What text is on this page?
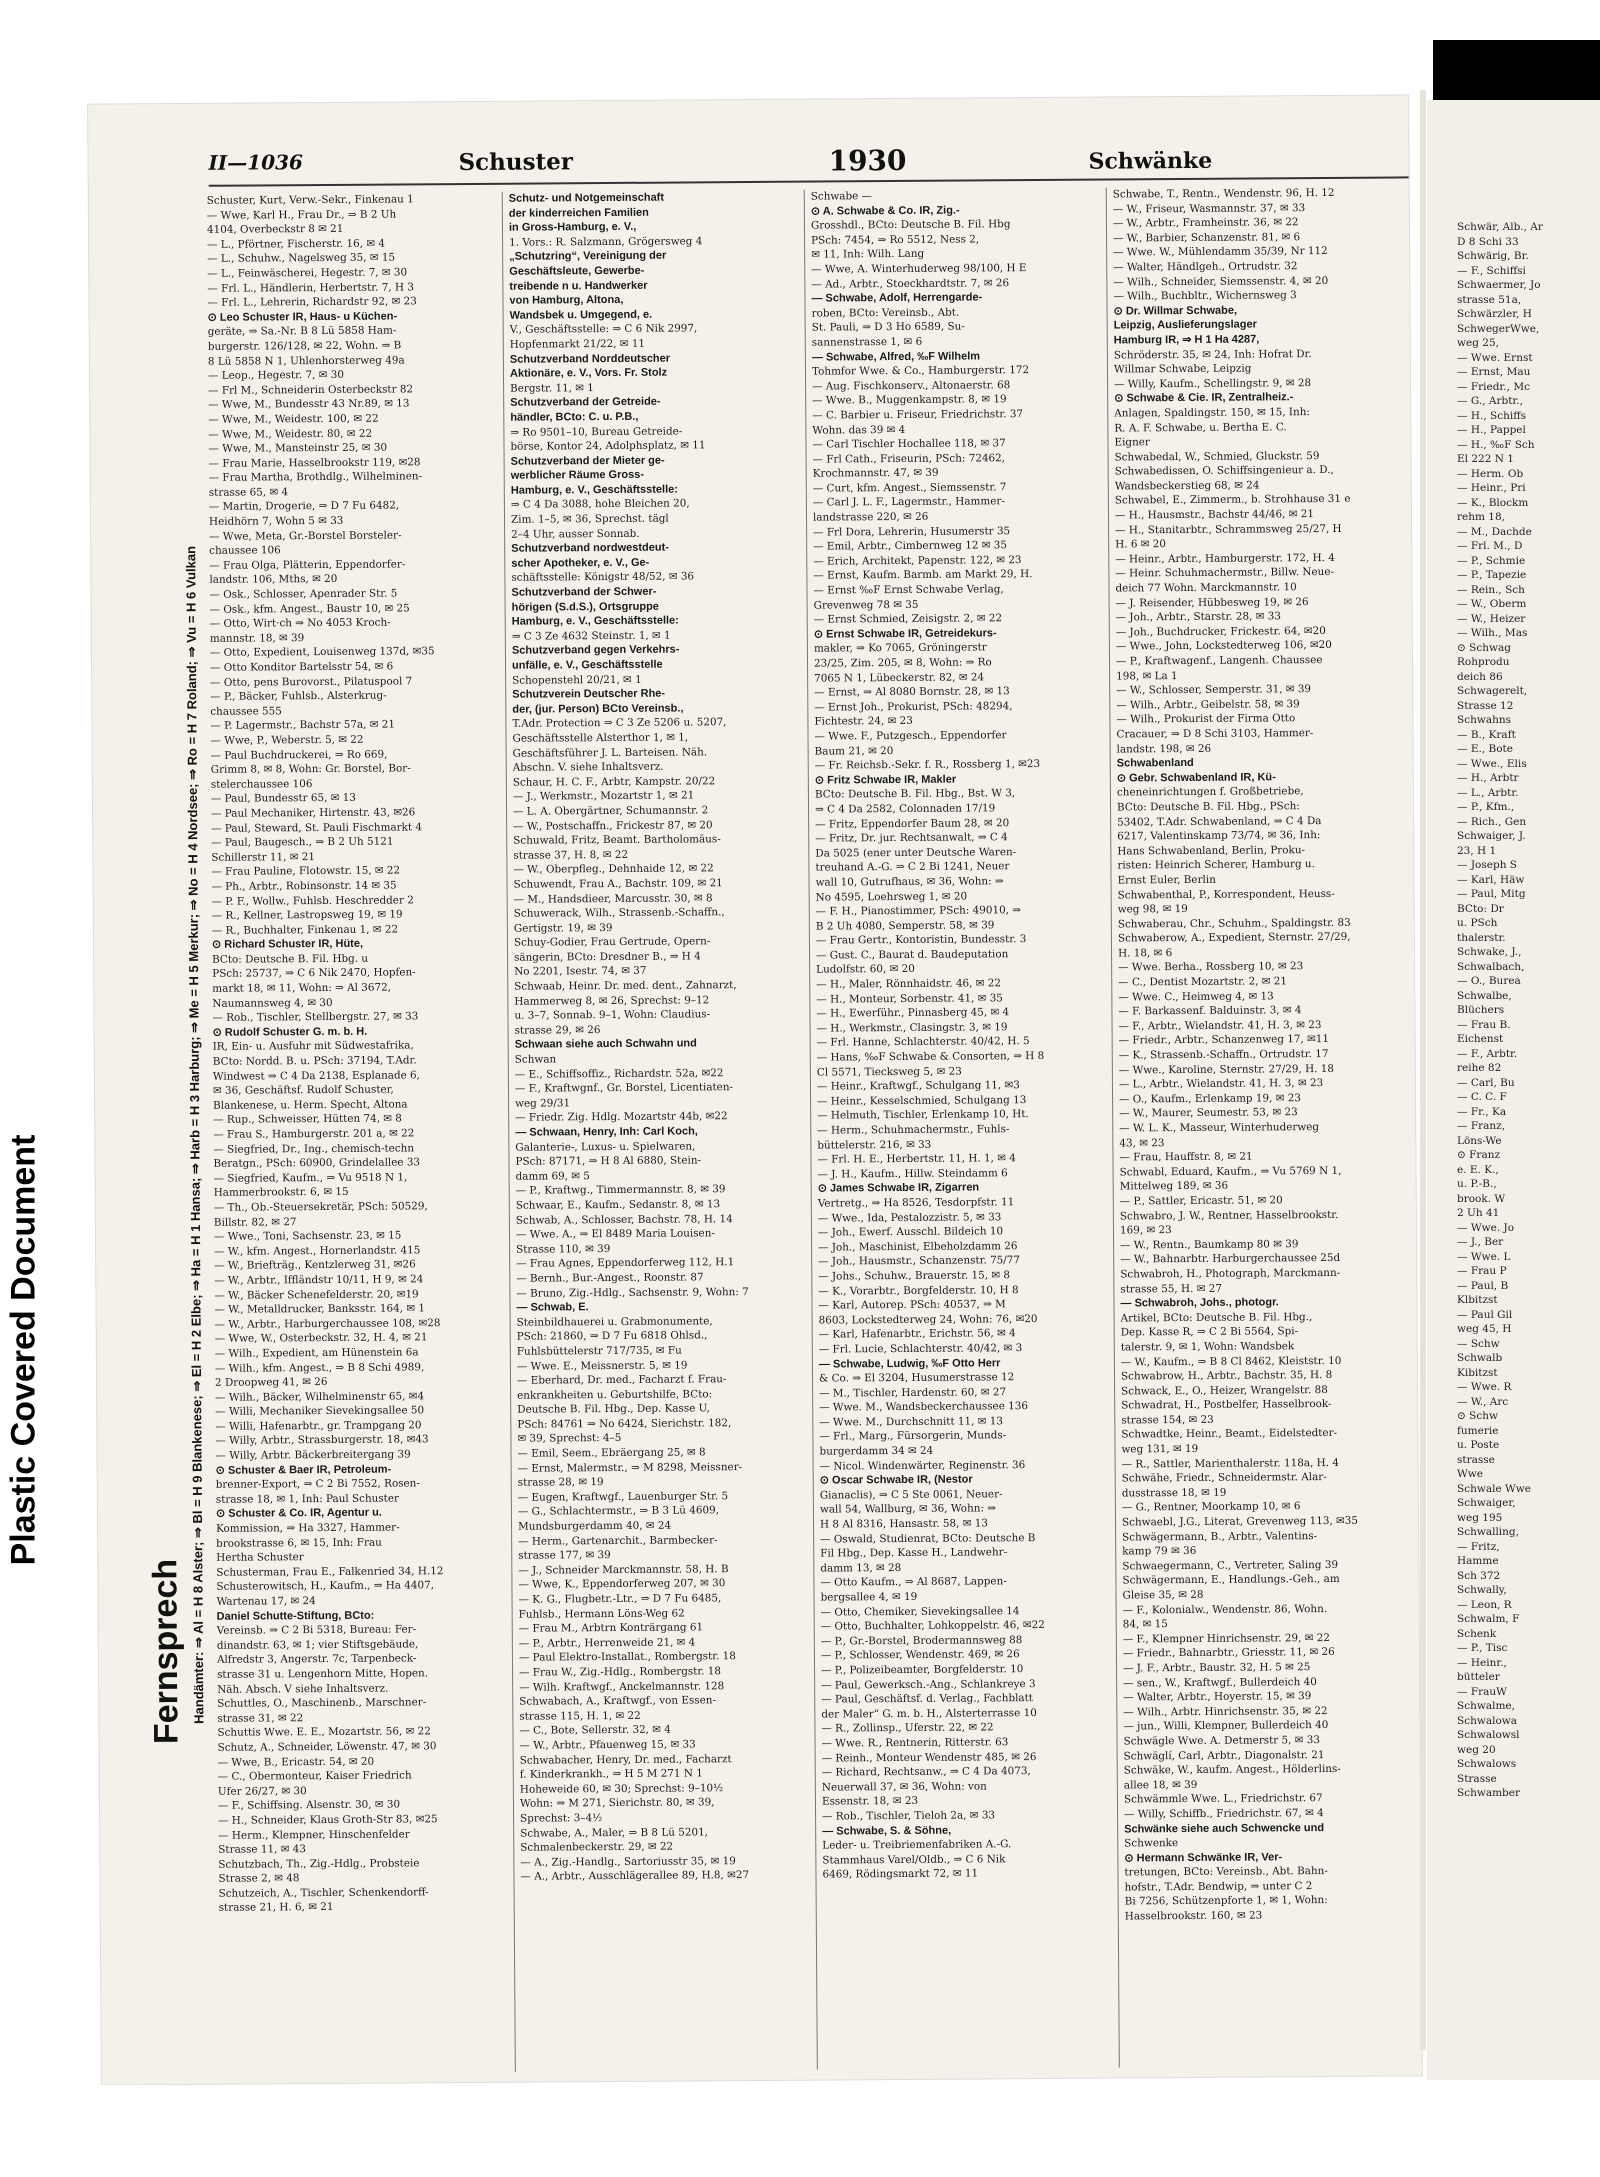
Plastic Covered Document
II—1036	Schuster	1930	Schwänke
Fernsprech
Handämter: ⇒ Al = H 8 Alster; ⇒ Bl = H 9 Blankenese; ⇒ El = H 2 Elbe; ⇒ Ha = H 1 Hansa; ⇒ Harb = H 3 Harburg; ⇒ Me = H 5 Merkur; ⇒ No = H 4 Nordsee; ⇒ Ro = H 7 Roland; ⇒ Vu = H 6 Vulkan
Schuster, Kurt, Verw.-Sekr., Finkenau 1
— Wwe, Karl H., Frau Dr., ⇒ B 2 Uh
4104, Overbeckstr 8 ✉ 21
— L., Pförtner, Fischerstr. 16, ✉ 4
— L., Schuhw., Nagelsweg 35, ✉ 15
— L., Feinwäscherei, Hegestr. 7, ✉ 30
— Frl. L., Händlerin, Herbertstr. 7, H 3
— Frl. L., Lehrerin, Richardstr 92, ✉ 23
⊙ Leo Schuster IR, Haus- u Küchen-
geräte, ⇒ Sa.-Nr. B 8 Lü 5858 Ham-
burgerstr. 126/128, ✉ 22, Wohn. ⇒ B
8 Lü 5858 N 1, Uhlenhorsterweg 49a
— Leop., Hegestr. 7, ✉ 30
— Frl M., Schneiderin Osterbeckstr 82
— Wwe, M., Bundesstr 43 Nr.89, ✉ 13
— Wwe, M., Weidestr. 100, ✉ 22
— Wwe, M., Weidestr. 80, ✉ 22
— Wwe, M., Mansteinstr 25, ✉ 30
— Frau Marie, Hasselbrookstr 119, ✉28
— Frau Martha, Brothdlg., Wilhelminen-
strasse 65, ✉ 4
— Martin, Drogerie, ⇒ D 7 Fu 6482,
Heidhörn 7, Wohn 5 ✉ 33
— Wwe, Meta, Gr.-Borstel Borsteler-
chaussee 106
— Frau Olga, Plätterin, Eppendorfer-
landstr. 106, Mths, ✉ 20
— Osk., Schlosser, Apenrader Str. 5
— Osk., kfm. Angest., Baustr 10, ✉ 25
— Otto, Wirt·ch ⇒ No 4053 Kroch-
mannstr. 18, ✉ 39
— Otto, Expedient, Louisenweg 137d, ✉35
— Otto Konditor Bartelsstr 54, ✉ 6
— Otto, pens Burovorst., Pilatuspool 7
— P., Bäcker, Fuhlsb., Alsterkrug-
chaussee 555
— P. Lagermstr., Bachstr 57a, ✉ 21
— Wwe, P., Weberstr. 5, ✉ 22
— Paul Buchdruckerei, ⇒ Ro 669,
Grimm 8, ✉ 8, Wohn: Gr. Borstel, Bor-
stelerchaussee 106
— Paul, Bundesstr 65, ✉ 13
— Paul Mechaniker, Hirtenstr. 43, ✉26
— Paul, Steward, St. Pauli Fischmarkt 4
— Paul, Baugesch., ⇒ B 2 Uh 5121
Schillerstr 11, ✉ 21
— Frau Pauline, Flotowstr. 15, ✉ 22
— Ph., Arbtr., Robinsonstr. 14 ✉ 35
— P. F., Wollw., Fuhlsb. Heschredder 2
— R., Kellner, Lastropsweg 19, ✉ 19
— R., Buchhalter, Finkenau 1, ✉ 22
⊙ Richard Schuster IR, Hüte,
BCto: Deutsche B. Fil. Hbg. u
PSch: 25737, ⇒ C 6 Nik 2470, Hopfen-
markt 18, ✉ 11, Wohn: ⇒ Al 3672,
Naumannsweg 4, ✉ 30
— Rob., Tischler, Stellbergstr. 27, ✉ 33
⊙ Rudolf Schuster G. m. b. H.
IR, Ein- u. Ausfuhr mit Südwestafrika,
BCto: Nordd. B. u. PSch: 37194, T.Adr.
Windwest ⇒ C 4 Da 2138, Esplanade 6,
✉ 36, Geschäftsf. Rudolf Schuster,
Blankenese, u. Herm. Specht, Altona
— Rup., Schweisser, Hütten 74, ✉ 8
— Frau S., Hamburgerstr. 201 a, ✉ 22
— Siegfried, Dr., Ing., chemisch-techn
Beratgn., PSch: 60900, Grindelallee 33
— Siegfried, Kaufm., ⇒ Vu 9518 N 1,
Hammerbrookstr. 6, ✉ 15
— Th., Ob.-Steuersekretär, PSch: 50529,
Billstr. 82, ✉ 27
— Wwe., Toni, Sachsenstr. 23, ✉ 15
— W., kfm. Angest., Hornerlandstr. 415
— W., Briefträg., Kentzlerweg 31, ✉26
— W., Arbtr., Iffländstr 10/11, H 9, ✉ 24
— W., Bäcker Schenefelderstr. 20, ✉19
— W., Metalldrucker, Banksstr. 164, ✉ 1
— W., Arbtr., Harburgerchaussee 108, ✉28
— Wwe, W., Osterbeckstr. 32, H. 4, ✉ 21
— Wilh., Expedient, am Hünenstein 6a
— Wilh., kfm. Angest., ⇒ B 8 Schi 4989,
2 Droopweg 41, ✉ 26
— Wilh., Bäcker, Wilhelminenstr 65, ✉4
— Willi, Mechaniker Sievekingsallee 50
— Willi, Hafenarbtr., gr. Trampgang 20
— Willy, Arbtr., Strassburgerstr. 18, ✉43
— Willy, Arbtr. Bäckerbreitergang 39
⊙ Schuster & Baer IR, Petroleum-
brenner-Export, ⇒ C 2 Bi 7552, Rosen-
strasse 18, ✉ 1, Inh: Paul Schuster
⊙ Schuster & Co. IR, Agentur u.
Kommission, ⇒ Ha 3327, Hammer-
brookstrasse 6, ✉ 15, Inh: Frau
Hertha Schuster
Schusterman, Frau E., Falkenried 34, H.12
Schusterowitsch, H., Kaufm., ⇒ Ha 4407,
Wartenau 17, ✉ 24
Daniel Schutte-Stiftung, BCto:
Vereinsb. ⇒ C 2 Bi 5318, Bureau: Fer-
dinandstr. 63, ✉ 1; vier Stiftsgebäude,
Alfredstr 3, Angerstr. 7c, Tarpenbeck-
strasse 31 u. Lengenhorn Mitte, Hopen.
Näh. Absch. V siehe Inhaltsverz.
Schuttles, O., Maschinenb., Marschner-
strasse 31, ✉ 22
Schuttis Wwe. E. E., Mozartstr. 56, ✉ 22
Schutz, A., Schneider, Löwenstr. 47, ✉ 30
— Wwe, B., Ericastr. 54, ✉ 20
— C., Obermonteur, Kaiser Friedrich
Ufer 26/27, ✉ 30
— F., Schiffsing. Alsenstr. 30, ✉ 30
— H., Schneider, Klaus Groth-Str 83, ✉25
— Herm., Klempner, Hinschenfelder
Strasse 11, ✉ 43
Schutzbach, Th., Zig.-Hdlg., Probsteie
Strasse 2, ✉ 48
Schutzeich, A., Tischler, Schenkendorff-
strasse 21, H. 6, ✉ 21
Schutz- und Notgemeinschaft
der kinderreichen Familien
in Gross-Hamburg, e. V.,
1. Vors.: R. Salzmann, Grögersweg 4
„Schutzring“, Vereinigung der
Geschäftsleute, Gewerbe-
treibende n u. Handwerker
von Hamburg, Altona,
Wandsbek u. Umgegend, e.
V., Geschäftsstelle: ⇒ C 6 Nik 2997,
Hopfenmarkt 21/22, ✉ 11
Schutzverband Norddeutscher
Aktionäre, e. V., Vors. Fr. Stolz
Bergstr. 11, ✉ 1
Schutzverband der Getreide-
händler, BCto: C. u. P.B.,
⇒ Ro 9501–10, Bureau Getreide-
börse, Kontor 24, Adolphsplatz, ✉ 11
Schutzverband der Mieter ge-
werblicher Räume Gross-
Hamburg, e. V., Geschäftsstelle:
⇒ C 4 Da 3088, hohe Bleichen 20,
Zim. 1–5, ✉ 36, Sprechst. tägl
2–4 Uhr, ausser Sonnab.
Schutzverband nordwestdeut-
scher Apotheker, e. V., Ge-
schäftsstelle: Königstr 48/52, ✉ 36
Schutzverband der Schwer-
hörigen (S.d.S.), Ortsgruppe
Hamburg, e. V., Geschäftsstelle:
⇒ C 3 Ze 4632 Steinstr. 1, ✉ 1
Schutzverband gegen Verkehrs-
unfälle, e. V., Geschäftsstelle
Schopenstehl 20/21, ✉ 1
Schutzverein Deutscher Rhe-
der, (jur. Person) BCto Vereinsb.,
T.Adr. Protection ⇒ C 3 Ze 5206 u. 5207,
Geschäftsstelle Alsterthor 1, ✉ 1,
Geschäftsführer J. L. Barteisen. Näh.
Abschn. V. siehe Inhaltsverz.
Schaur, H. C. F., Arbtr, Kampstr. 20/22
— J., Werkmstr., Mozartstr 1, ✉ 21
— L. A. Obergärtner, Schumannstr. 2
— W., Postschaffn., Frickestr 87, ✉ 20
Schuwald, Fritz, Beamt. Bartholomäus-
strasse 37, H. 8, ✉ 22
— W., Oberpfleg., Dehnhaide 12, ✉ 22
Schuwendt, Frau A., Bachstr. 109, ✉ 21
— M., Handsdieer, Marcusstr. 30, ✉ 8
Schuwerack, Wilh., Strassenb.-Schaffn.,
Gertigstr. 19, ✉ 39
Schuy-Godier, Frau Gertrude, Opern-
sängerin, BCto: Dresdner B., ⇒ H 4
No 2201, Isestr. 74, ✉ 37
Schwaab, Heinr. Dr. med. dent., Zahnarzt,
Hammerweg 8, ✉ 26, Sprechst: 9–12
u. 3–7, Sonnab. 9–1, Wohn: Claudius-
strasse 29, ✉ 26
Schwaan siehe auch Schwahn und
Schwan
— E., Schiffsoffiz., Richardstr. 52a, ✉22
— F., Kraftwgnf., Gr. Borstel, Licentiaten-
weg 29/31
— Friedr. Zig. Hdlg. Mozartstr 44b, ✉22
— Schwaan, Henry, Inh: Carl Koch,
Galanterie-, Luxus- u. Spielwaren,
PSch: 87171, ⇒ H 8 Al 6880, Stein-
damm 69, ✉ 5
— P., Kraftwg., Timmermannstr. 8, ✉ 39
Schwaar, E., Kaufm., Sedanstr. 8, ✉ 13
Schwab, A., Schlosser, Bachstr. 78, H. 14
— Wwe. A., ⇒ El 8489 Maria Louisen-
Strasse 110, ✉ 39
— Frau Agnes, Eppendorferweg 112, H.1
— Bernh., Bur.-Angest., Roonstr. 87
— Bruno, Zig.-Hdlg., Sachsenstr. 9, Wohn: 7
— Schwab, E.
Steinbildhauerei u. Grabmonumente,
PSch: 21860, ⇒ D 7 Fu 6818 Ohlsd.,
Fuhlsbüttelerstr 717/735, ✉ Fu
— Wwe. E., Meissnerstr. 5, ✉ 19
— Eberhard, Dr. med., Facharzt f. Frau-
enkrankheiten u. Geburtshilfe, BCto:
Deutsche B. Fil. Hbg., Dep. Kasse U,
PSch: 84761 ⇒ No 6424, Sierichstr. 182,
✉ 39, Sprechst: 4–5
— Emil, Seem., Ebräergang 25, ✉ 8
— Ernst, Malermstr., ⇒ M 8298, Meissner-
strasse 28, ✉ 19
— Eugen, Kraftwgf., Lauenburger Str. 5
— G., Schlachtermstr., ⇒ B 3 Lü 4609,
Mundsburgerdamm 40, ✉ 24
— Herm., Gartenarchit., Barmbecker-
strasse 177, ✉ 39
— J., Schneider Marckmannstr. 58, H. B
— Wwe, K., Eppendorferweg 207, ✉ 30
— K. G., Flugbetr.-Ltr., ⇒ D 7 Fu 6485,
Fuhlsb., Hermann Löns-Weg 62
— Frau M., Arbtrn Konträrgang 61
— P., Arbtr., Herrenweide 21, ✉ 4
— Paul Elektro-Installat., Rombergstr. 18
— Frau W., Zig.-Hdlg., Rombergstr. 18
— Wilh. Kraftwgf., Anckelmannstr. 128
Schwabach, A., Kraftwgf., von Essen-
strasse 115, H. 1, ✉ 22
— C., Bote, Sellerstr. 32, ✉ 4
— W., Arbtr., Pfauenweg 15, ✉ 33
Schwabacher, Henry, Dr. med., Facharzt
f. Kinderkrankh., ⇒ H 5 M 271 N 1
Hoheweide 60, ✉ 30; Sprechst: 9–10½
Wohn: ⇒ M 271, Sierichstr. 80, ✉ 39,
Sprechst: 3–4½
Schwabe, A., Maler, ⇒ B 8 Lü 5201,
Schmalenbeckerstr. 29, ✉ 22
— A., Zig.-Handlg., Sartoriusstr 35, ✉ 19
— A., Arbtr., Ausschlägerallee 89, H.8, ✉27
Schwabe —
⊙ A. Schwabe & Co. IR, Zig.-
Grosshdl., BCto: Deutsche B. Fil. Hbg
PSch: 7454, ⇒ Ro 5512, Ness 2,
✉ 11, Inh: Wilh. Lang
— Wwe, A. Winterhuderweg 98/100, H E
— Ad., Arbtr., Stoeckhardtstr. 7, ✉ 26
— Schwabe, Adolf, Herrengarde-
roben, BCto: Vereinsb., Abt.
St. Pauli, ⇒ D 3 Ho 6589, Su-
sannenstrasse 1, ✉ 6
— Schwabe, Alfred, ‰F Wilhelm
Tohmfor Wwe. & Co., Hamburgerstr. 172
— Aug. Fischkonserv., Altonaerstr. 68
— Wwe. B., Muggenkampstr. 8, ✉ 19
— C. Barbier u. Friseur, Friedrichstr. 37
Wohn. das 39 ✉ 4
— Carl Tischler Hochallee 118, ✉ 37
— Frl Cath., Friseurin, PSch: 72462,
Krochmannstr. 47, ✉ 39
— Curt, kfm. Angest., Siemssenstr. 7
— Carl J. L. F., Lagermstr., Hammer-
landstrasse 220, ✉ 26
— Frl Dora, Lehrerin, Husumerstr 35
— Emil, Arbtr., Cimbernweg 12 ✉ 35
— Erich, Architekt, Papenstr. 122, ✉ 23
— Ernst, Kaufm. Barmb. am Markt 29, H.
— Ernst ‰F Ernst Schwabe Verlag,
Grevenweg 78 ✉ 35
— Ernst Schmied, Zeisigstr. 2, ✉ 22
⊙ Ernst Schwabe IR, Getreidekurs-
makler, ⇒ Ko 7065, Gröningerstr
23/25, Zim. 205, ✉ 8, Wohn: ⇒ Ro
7065 N 1, Lübeckerstr. 82, ✉ 24
— Ernst, ⇒ Al 8080 Bornstr. 28, ✉ 13
— Ernst Joh., Prokurist, PSch: 48294,
Fichtestr. 24, ✉ 23
— Wwe. F., Putzgesch., Eppendorfer
Baum 21, ✉ 20
— Fr. Reichsb.-Sekr. f. R., Rossberg 1, ✉23
⊙ Fritz Schwabe IR, Makler
BCto: Deutsche B. Fil. Hbg., Bst. W 3,
⇒ C 4 Da 2582, Colonnaden 17/19
— Fritz, Eppendorfer Baum 28, ✉ 20
— Fritz, Dr. jur. Rechtsanwalt, ⇒ C 4
Da 5025 (ener unter Deutsche Waren-
treuhand A.-G. ⇒ C 2 Bi 1241, Neuer
wall 10, Gutrufhaus, ✉ 36, Wohn: ⇒
No 4595, Loehrsweg 1, ✉ 20
— F. H., Pianostimmer, PSch: 49010, ⇒
B 2 Uh 4080, Semperstr. 58, ✉ 39
— Frau Gertr., Kontoristin, Bundesstr. 3
— Gust. C., Baurat d. Baudeputation
Ludolfstr. 60, ✉ 20
— H., Maler, Rönnhaidstr. 46, ✉ 22
— H., Monteur, Sorbenstr. 41, ✉ 35
— H., Ewerführ., Pinnasberg 45, ✉ 4
— H., Werkmstr., Clasingstr. 3, ✉ 19
— Frl. Hanne, Schlachterstr. 40/42, H. 5
— Hans, ‰F Schwabe & Consorten, ⇒ H 8
Cl 5571, Tiecksweg 5, ✉ 23
— Heinr., Kraftwgf., Schulgang 11, ✉3
— Heinr., Kesselschmied, Schulgang 13
— Helmuth, Tischler, Erlenkamp 10, Ht.
— Herm., Schuhmachermstr., Fuhls-
büttelerstr. 216, ✉ 33
— Frl. H. E., Herbertstr. 11, H. 1, ✉ 4
— J. H., Kaufm., Hillw. Steindamm 6
⊙ James Schwabe IR, Zigarren
Vertretg., ⇒ Ha 8526, Tesdorpfstr. 11
— Wwe., Ida, Pestalozzistr. 5, ✉ 33
— Joh., Ewerf. Ausschl. Bildeich 10
— Joh., Maschinist, Elbeholzdamm 26
— Joh., Hausmstr., Schanzenstr. 75/77
— Johs., Schuhw., Brauerstr. 15, ✉ 8
— K., Vorarbtr., Borgfelderstr. 10, H 8
— Karl, Autorep. PSch: 40537, ⇒ M
8603, Lockstedterweg 24, Wohn: 76, ✉20
— Karl, Hafenarbtr., Erichstr. 56, ✉ 4
— Frl. Lucie, Schlachterstr. 40/42, ✉ 3
— Schwabe, Ludwig, ‰F Otto Herr
& Co. ⇒ El 3204, Husumerstrasse 12
— M., Tischler, Hardenstr. 60, ✉ 27
— Wwe. M., Wandsbeckerchaussee 136
— Wwe. M., Durchschnitt 11, ✉ 13
— Frl., Marg., Fürsorgerin, Munds-
burgerdamm 34 ✉ 24
— Nicol. Windenwärter, Reginenstr. 36
⊙ Oscar Schwabe IR, (Nestor
Gianaclis), ⇒ C 5 Ste 0061, Neuer-
wall 54, Wallburg, ✉ 36, Wohn: ⇒
H 8 Al 8316, Hansastr. 58, ✉ 13
— Oswald, Studienrat, BCto: Deutsche B
Fil Hbg., Dep. Kasse H., Landwehr-
damm 13, ✉ 28
— Otto Kaufm., ⇒ Al 8687, Lappen-
bergsallee 4, ✉ 19
— Otto, Chemiker, Sievekingsallee 14
— Otto, Buchhalter, Lohkoppelstr. 46, ✉22
— P., Gr.-Borstel, Brodermannsweg 88
— P., Schlosser, Wendenstr. 469, ✉ 26
— P., Polizeibeamter, Borgfelderstr. 10
— Paul, Gewerksch.-Ang., Schlankreye 3
— Paul, Geschäftsf. d. Verlag., Fachblatt
der Maler“ G. m. b. H., Alsterterrasse 10
— R., Zollinsp., Uferstr. 22, ✉ 22
— Wwe. R., Rentnerin, Ritterstr. 63
— Reinh., Monteur Wendenstr 485, ✉ 26
— Richard, Rechtsanw., ⇒ C 4 Da 4073,
Neuerwall 37, ✉ 36, Wohn: von
Essenstr. 18, ✉ 23
— Rob., Tischler, Tieloh 2a, ✉ 33
— Schwabe, S. & Söhne,
Leder- u. Treibriemenfabriken A.-G.
Stammhaus Varel/Oldb., ⇒ C 6 Nik
6469, Rödingsmarkt 72, ✉ 11
Schwabe, T., Rentn., Wendenstr. 96, H. 12
— W., Friseur, Wasmannstr. 37, ✉ 33
— W., Arbtr., Framheinstr. 36, ✉ 22
— W., Barbier, Schanzenstr. 81, ✉ 6
— Wwe. W., Mühlendamm 35/39, Nr 112
— Walter, Händlgeh., Ortrudstr. 32
— Wilh., Schneider, Siemssenstr. 4, ✉ 20
— Wilh., Buchbltr., Wichernsweg 3
⊙ Dr. Willmar Schwabe,
Leipzig, Auslieferungslager
Hamburg IR, ⇒ H 1 Ha 4287,
Schröderstr. 35, ✉ 24, Inh: Hofrat Dr.
Willmar Schwabe, Leipzig
— Willy, Kaufm., Schellingstr. 9, ✉ 28
⊙ Schwabe & Cie. IR, Zentralheiz.-
Anlagen, Spaldingstr. 150, ✉ 15, Inh:
R. A. F. Schwabe, u. Bertha E. C.
Eigner
Schwabedal, W., Schmied, Gluckstr. 59
Schwabedissen, O. Schiffsingenieur a. D.,
Wandsbeckerstieg 68, ✉ 24
Schwabel, E., Zimmerm., b. Strohhause 31 e
— H., Hausmstr., Bachstr 44/46, ✉ 21
— H., Stanitarbtr., Schrammsweg 25/27, H
H. 6 ✉ 20
— Heinr., Arbtr., Hamburgerstr. 172, H. 4
— Heinr. Schuhmachermstr., Billw. Neue-
deich 77 Wohn. Marckmannstr. 10
— J. Reisender, Hübbesweg 19, ✉ 26
— Joh., Arbtr., Starstr. 28, ✉ 33
— Joh., Buchdrucker, Frickestr. 64, ✉20
— Wwe., John, Lockstedterweg 106, ✉20
— P., Kraftwagenf., Langenh. Chaussee
198, ✉ La 1
— W., Schlosser, Semperstr. 31, ✉ 39
— Wilh., Arbtr., Geibelstr. 58, ✉ 39
— Wilh., Prokurist der Firma Otto
Cracauer, ⇒ D 8 Schi 3103, Hammer-
landstr. 198, ✉ 26
Schwabenland
⊙ Gebr. Schwabenland IR, Kü-
cheneinrichtungen f. Großbetriebe,
BCto: Deutsche B. Fil. Hbg., PSch:
53402, T.Adr. Schwabenland, ⇒ C 4 Da
6217, Valentinskamp 73/74, ✉ 36, Inh:
Hans Schwabenland, Berlin, Proku-
risten: Heinrich Scherer, Hamburg u.
Ernst Euler, Berlin
Schwabenthal, P., Korrespondent, Heuss-
weg 98, ✉ 19
Schwaberau, Chr., Schuhm., Spaldingstr. 83
Schwaberow, A., Expedient, Sternstr. 27/29,
H. 18, ✉ 6
— Wwe. Berha., Rossberg 10, ✉ 23
— C., Dentist Mozartstr. 2, ✉ 21
— Wwe. C., Heimweg 4, ✉ 13
— F. Barkassenf. Balduinstr. 3, ✉ 4
— F., Arbtr., Wielandstr. 41, H. 3, ✉ 23
— Friedr., Arbtr., Schanzenweg 17, ✉11
— K., Strassenb.-Schaffn., Ortrudstr. 17
— Wwe., Karoline, Sternstr. 27/29, H. 18
— L., Arbtr., Wielandstr. 41, H. 3, ✉ 23
— O., Kaufm., Erlenkamp 19, ✉ 23
— W., Maurer, Seumestr. 53, ✉ 23
— W. L. K., Masseur, Winterhuderweg
43, ✉ 23
— Frau, Hauffstr. 8, ✉ 21
Schwabl, Eduard, Kaufm., ⇒ Vu 5769 N 1,
Mittelweg 189, ✉ 36
— P., Sattler, Ericastr. 51, ✉ 20
Schwabro, J. W., Rentner, Hasselbrookstr.
169, ✉ 23
— W., Rentn., Baumkamp 80 ✉ 39
— W., Bahnarbtr. Harburgerchaussee 25d
Schwabroh, H., Photograph, Marckmann-
strasse 55, H. ✉ 27
— Schwabroh, Johs., photogr.
Artikel, BCto: Deutsche B. Fil. Hbg.,
Dep. Kasse R, ⇒ C 2 Bi 5564, Spi-
talerstr. 9, ✉ 1, Wohn: Wandsbek
— W., Kaufm., ⇒ B 8 Cl 8462, Kleiststr. 10
Schwabrow, H., Arbtr., Bachstr. 35, H. 8
Schwack, E., O., Heizer, Wrangelstr. 88
Schwadrat, H., Postbelfer, Hasselbrook-
strasse 154, ✉ 23
Schwadtke, Heinr., Beamt., Eidelstedter-
weg 131, ✉ 19
— R., Sattler, Marienthalerstr. 118a, H. 4
Schwähe, Friedr., Schneidermstr. Alar-
dusstrasse 18, ✉ 19
— G., Rentner, Moorkamp 10, ✉ 6
Schwaebl, J.G., Literat, Grevenweg 113, ✉35
Schwägermann, B., Arbtr., Valentins-
kamp 79 ✉ 36
Schwaegermann, C., Vertreter, Saling 39
Schwägermann, E., Handlungs.-Geh., am
Gleise 35, ✉ 28
— F., Kolonialw., Wendenstr. 86, Wohn.
84, ✉ 15
— F., Klempner Hinrichsenstr. 29, ✉ 22
— Friedr., Bahnarbtr., Griesstr. 11, ✉ 26
— J. F., Arbtr., Baustr. 32, H. 5 ✉ 25
— sen., W., Kraftwgf., Bullerdeich 40
— Walter, Arbtr., Hoyerstr. 15, ✉ 39
— Wilh., Arbtr. Hinrichsenstr. 35, ✉ 22
— jun., Willi, Klempner, Bullerdeich 40
Schwägle Wwe. A. Detmerstr 5, ✉ 33
Schwäglí, Carl, Arbtr., Diagonalstr. 21
Schwäke, W., kaufm. Angest., Hölderlins-
allee 18, ✉ 39
Schwämmle Wwe. L., Friedrichstr. 67
— Willy, Schiffb., Friedrichstr. 67, ✉ 4
Schwänke siehe auch Schwencke und
Schwenke
⊙ Hermann Schwänke IR, Ver-
tretungen, BCto: Vereinsb., Abt. Bahn-
hofstr., T.Adr. Bendwip, ⇒ unter C 2
Bi 7256, Schützenpforte 1, ✉ 1, Wohn:
Hasselbrookstr. 160, ✉ 23
Schwär, Alb., Ar
D 8 Schi 33
Schwärig, Br.
— F., Schiffsi
Schwaermer, Jo
strasse 51a,
Schwärzler, H
SchwegerWwe,
weg 25,
— Wwe. Ernst
— Ernst, Mau
— Friedr., Mc
— G., Arbtr.,
— H., Schiffs
— H., Pappel
— H., ‰F Sch
El 222 N 1
— Herm. Ob
— Heinr., Pri
— K., Blockm
rehm 18,
— M., Dachde
— Frl. M., D
— P., Schmie
— P., Tapezie
— Rein., Sch
— W., Oberm
— W., Heizer
— Wilh., Mas
⊙ Schwag
Rohprodu
deich 86
Schwagerelt,
Strasse 12
Schwahns
— B., Kraft
— E., Bote
— Wwe., Elis
— H., Arbtr
— L., Arbtr.
— P., Kfm.,
— Rich., Gen
Schwaiger, J.
23, H 1
— Joseph S
— Karl, Häw
— Paul, Mitg
BCto: Dr
u. PSch
thalerstr.
Schwake, J.,
Schwalbach,
— O., Burea
Schwalbe,
Blüchers
— Frau B.
Eichenst
— F., Arbtr.
reihe 82
— Carl, Bu
— C. C. F
— Fr., Ka
— Franz,
Löns-We
⊙ Franz
e. E. K.,
u. P.-B.,
brook. W
2 Uh 41
— Wwe. Jo
— J., Ber
— Wwe. L
— Frau P
— Paul, B
Klbitzst
— Paul Gil
weg 45, H
— Schw
Schwalb
Kibitzst
— Wwe. R
— W., Arc
⊙ Schw
fumerie
u. Poste
strasse
Wwe
Schwale Wwe
Schwaiger,
weg 195
Schwalling,
— Fritz,
Hamme
Sch 372
Schwally,
— Leon, R
Schwalm, F
Schenk
— P., Tisc
— Heinr.,
bütteler
— FrauW
Schwalme,
Schwalowa
Schwalowsl
weg 20
Schwalows
Strasse
Schwamber
